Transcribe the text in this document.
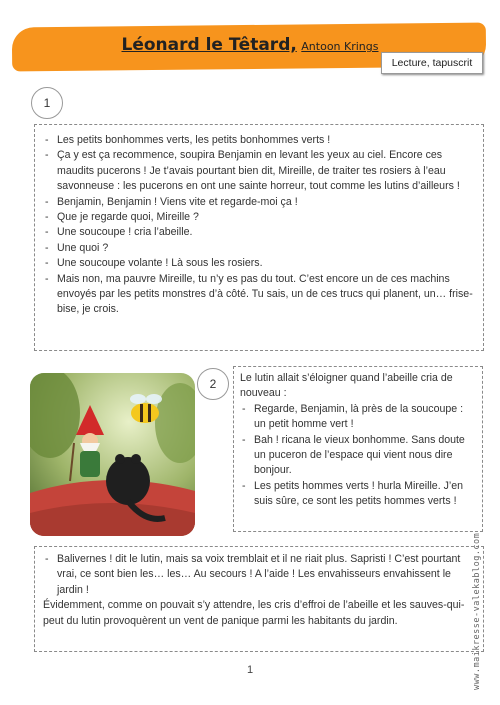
Léonard le Têtard, Antoon Krings
Lecture, tapuscrit
1
- Les petits bonhommes verts, les petits bonhommes verts !
- Ça y est ça recommence, soupira Benjamin en levant les yeux au ciel. Encore ces maudits pucerons ! Je t’avais pourtant bien dit, Mireille, de traiter tes rosiers à l’eau savonneuse : les pucerons en ont une sainte horreur, tout comme les lutins d’ailleurs !
- Benjamin, Benjamin ! Viens vite et regarde-moi ça !
- Que je regarde quoi, Mireille ?
- Une soucoupe ! cria l’abeille.
- Une quoi ?
- Une soucoupe volante ! Là sous les rosiers.
- Mais non, ma pauvre Mireille, tu n’y es pas du tout. C’est encore un de ces machins envoyés par les petits monstres d’à côté. Tu sais, un de ces trucs qui planent, un… frise-bise, je crois.
2	Le lutin allait s’éloigner quand l’abeille cria de nouveau :
- Regarde, Benjamin, là près de la soucoupe : un petit homme vert !
- Bah ! ricana le vieux bonhomme. Sans doute un puceron de l’espace qui vient nous dire bonjour.
- Les petits hommes verts ! hurla Mireille. J’en suis sûre, ce sont les petits hommes verts !
- Balivernes ! dit le lutin, mais sa voix tremblait et il ne riait plus. Sapristi ! C’est pourtant vrai, ce sont bien les… les… Au secours ! A l’aide ! Les envahisseurs envahissent le jardin !

Évidemment, comme on pouvait s’y attendre, les cris d’effroi de l’abeille et les sauves-qui-peut du lutin provoquèrent un vent de panique parmi les habitants du jardin.	www.maikresse-valekablog.com
1
